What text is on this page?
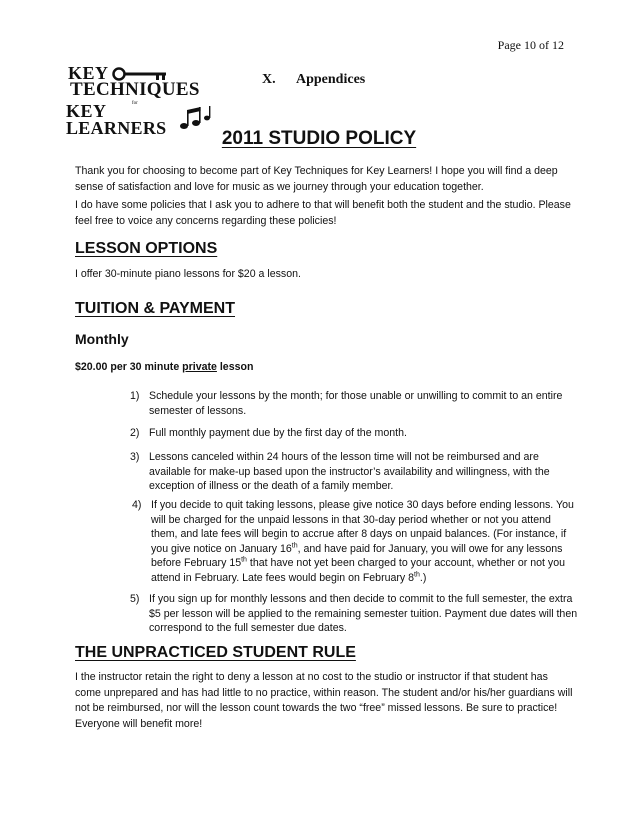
Page 10 of 12
KEY
TECHNIQUES
for
KEY
LEARNERS
X. Appendices
2011 STUDIO POLICY
Thank you for choosing to become part of Key Techniques for Key Learners! I hope you will find a deep sense of satisfaction and love for music as we journey through your education together.
I do have some policies that I ask you to adhere to that will benefit both the student and the studio. Please feel free to voice any concerns regarding these policies!
LESSON OPTIONS
I offer 30-minute piano lessons for $20 a lesson.
TUITION & PAYMENT
Monthly
$20.00 per 30 minute private lesson
1) Schedule your lessons by the month; for those unable or unwilling to commit to an entire semester of lessons.
2) Full monthly payment due by the first day of the month.
3) Lessons canceled within 24 hours of the lesson time will not be reimbursed and are available for make-up based upon the instructor’s availability and willingness, with the exception of illness or the death of a family member.
4) If you decide to quit taking lessons, please give notice 30 days before ending lessons. You will be charged for the unpaid lessons in that 30-day period whether or not you attend them, and late fees will begin to accrue after 8 days on unpaid balances. (For instance, if you give notice on January 16th, and have paid for January, you will owe for any lessons before February 15th that have not yet been charged to your account, whether or not you attend in February. Late fees would begin on February 8th.)
5) If you sign up for monthly lessons and then decide to commit to the full semester, the extra $5 per lesson will be applied to the remaining semester tuition. Payment due dates will then correspond to the full semester due dates.
THE UNPRACTICED STUDENT RULE
I the instructor retain the right to deny a lesson at no cost to the studio or instructor if that student has come unprepared and has had little to no practice, within reason. The student and/or his/her guardians will not be reimbursed, nor will the lesson count towards the two “free” missed lessons. Be sure to practice! Everyone will benefit more!
